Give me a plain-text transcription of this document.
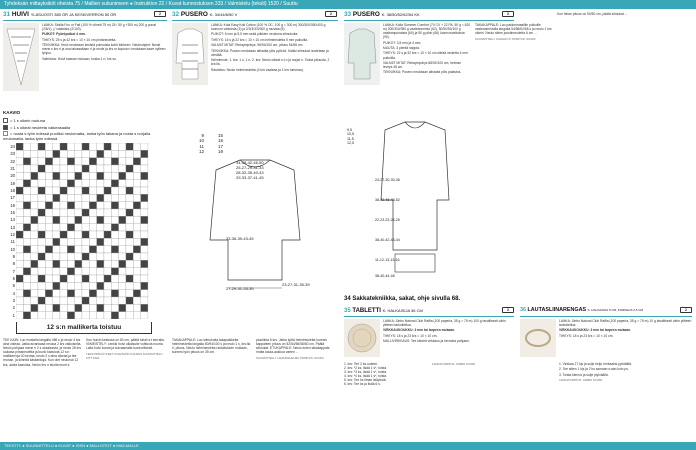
Tyhdeksän mittayksiköt oheista 75 / Mallien sukunimeen ● Instruktion 22 / Kuvat kunnostuksen 333 / Valmistelu (teksti) 1520 / Suuttu
31 HUIVI YLÄSUOSTI 380 ÖR JA KESKIVERRON 50 ÖR	2
LANKA: Sinilla Fun or Fait (100 % vihreä 75 m) 25 / 50 g +300 m) 200 g punai (2/6/1), (/ vaaloista (2/100).
PUIKOT: Pyöröpuikot 4 mm.
TIHEYS: 25 s ja 42 krs = 10 × 10 cm pintaneuletta.
TEKNIIKKA: Huivi neulotaan kesistä poimuista kohti kärkeen. Neuleohjeet: Neule mene s krs ri ja osa taivasaltaan ri ja neule ja krs nr kopioa ri neulotaan kaarr nylleen tyhjuu.
Valmistus: Huivi kaavan mukaan, koska 1 ri, krs su.
KAAVIO
= 1 s oikein ruutuna
= 1 s oikeat neuleeta vaikeasaalla
= nosta s työn edessä puoliksi neulomatta, lanka työn takana ja nosta s nurjalla neulomatta, lanka työn edessä
24
23
22
21
20
19
18
17
16
15
14
13
12
11
10
9
8
7
6
5
4
3
2
1
12 s:n mallikerta toistuu
TEE KAIN: Luo mustalla langalla 486 s ja neulo 4 krs aina oikeaa. Jatka aivankasa neuloa 2 krs valkoisella. Neulo pohjasa mene n 2 s oksaisesta, ja neulo 28 krs luokasa pintaneuletta ja kuvio kaaviota 12 s:n mallikerroja 40 kertaa, neulo 2 s aina oikeaa ja tee reunan, ja kiinnitä käsilankoja. Kun olet neulonut 12 krs, aloita kaaviota. Neulo krs n ekoita munt s.
Kun huivin keskusa on 60 cm, päätä luiset s:t kerralla. VIIMEISTELY: Lenkki huivi ulkaisulle voittuvia nuoria. Laita huivi loosta ja kuivaamalla luonnollisesti.
TEKSTIPÄIVÄYKSET: KVAVÄNÖN KOLMAS SUUNNITTELU: KITT KAIN
32 PUSERO K: 34/44/6/50 V	2
LANKA: Kola Easy Knit Cotton (100 % OC, 100 g = 300 m) 300/300/350/400 g luonnon valkoista (3) ja 2/3/3/3/3/300 g mustaa (5).
PUIKOT: 5 mm ja 5,5 mm sekä piikkien neuloma silmukoita.
TIHEYS: 16 s ja 22 krs = 10 × 10 cm helmineuletta 5 mm puikoilla.
VALMIIT MITAT: Rintaympärys: 96/94/100 cm, pituus 54/56 cm.
TEKNIIKKA: Pusero neulotaan alhaalta ylös pyöröä. Kaikki silmukat nostetaan ja viestää.
Helmineule: 1. krs: 1 o, 1 n. 2. krs: Neulo oikeat s:t o ja nurjat n. Toista pituusta, 2 krs:lla.
Raidoitus: Neulo helmineuletta (4 krs vaaleaa ja 1 krs tummaa).
9
10
11
12
15
16
17
19
34-38-42-46-50
25-27-29-31-33
28-32-35-40-43
29-33-37-41-45
33-36-39-43-45
27-29-31-33-35
23-27-31-35-39
TAKAKAPPALE: Luo silmukoita takapaikkeita helmineuletta langalla 80/94/100 s ja neulo 1 s, krs:lla ri, pituus. Neulo helmineuletta raidoituksen mukaan, kunnes työn pituus on 35 cm.
piuoliinta 6 krs. Jatka työtä helmineuletta kunnes kappaleen pituus on 52/54/56/58/60 cm. Päätä silmukat. ETUKAPPALE: Neulo kuten takakappale, mutta kaula-aukkoa varten ...
SUUNNITTELU: LANKAMAAILMA TOIMITUS: SUOMI
33 PUSERO K: 38/50/52/62/54 KK	2
LANKA: Kolla Summer Comfort (70 CV + 22 PA, 50 g = 620 m) 300/300/350 g vaaleanmintui (62), 50/50/50/100 g vaaleanpunaista (60) ja 50 g pikin (66) luonnonvalkoista (90).
PUIKOT: 3,5 mm ja 4 mm.
MUUTA: 3 pientä nappia.
TIHEYS: 22 s ja 32 krs = 10 × 10 cm sileää neuletta 4 mm puikoilla.
VALMIIT MITAT: Rintaympärys 88/92/100 cm, helman leveys 48 cm.
TEKNIIKKA: Pusero neulotaan alhaalta ylös palasina.
TAKAKAPPALE: Luo pakkosmaalille puikoille vaaleanmintulla langalla 54/58/62/66 s ja neulo 1 krs oikein. Neulo sitten joustinneuletta 6 cm ...
SUUNNITTELU: KAAVAKYÄ TOIMITUS: SUOMI
9,5
10,5
11,5
12,5
24-27-30-30-36
38-42-46-48-52
22-23-23-24-25
38-40-42-43-44
11-12-13-13-16
38-40-44-48
34 Sakkatekniikka, sakat, ohje sivulla 68.
35 TABLETTI K: HALKAISIJA 36 CM	2
LANKA: Järbo Natural Club Raffia (100 paperia, 35 g = 75 m) 100 g tavallisesti värin ylitteen tarkoitettua.
VIRKKAUKOUKKU: 3 mm tai tarpeen mukaan.
TIHEYS: 18 s ja 23 krs = 10 × 10 cm.
MALLIVIRKKAUS: Tee kiinteä virkkaus ja kerrosta pohjaan.
1. krs: Tee 2 ks uuteen.
2. krs: *2 ks, lisää 1 s*, toista.
3. krs: *3 ks, lisää 1 s*, toista.
4. krs: *4 ks, lisää 1 s*, toista.
5. krs: Tee ks ilman lisäyksiä.
6. krs: Tee ks ja lisää 6 s.
LANKATOIMITUS: JÄRBO SUOMI
36 LAUTASLIINARENGAS K: HALKAISIJA 5 CM, KORKEUS 2,5 CM	2
LANKA: Järbo Natural Club Raffia (100 paperia, 35 g = 75 m) 10 g tavallisesti värin ylitteen tarkoitettua.
VIRKKAUKOUKKU: 3 mm tai tarpeen mukaan.
TIHEYS: 18 s ja 23 krs = 10 × 10 cm.
1. Virkkaa 27 kjs ja sulje ketju renkaaksi pylväällä.
2. Tee sitten 1 kjs ja 2 ks samaan s:aan kuin ps.
3. Toista kierros ja sulje piylväällä.
LANKATOIMITUS: JÄRBO SUOMI
Kun hihan pituus on 50/50 cm, päätä silmukat ...
TEKSTIT: ● SUUNNITTELU ● KUVAT ● ISSN ● MALLISTOT ● MAILMALLE
